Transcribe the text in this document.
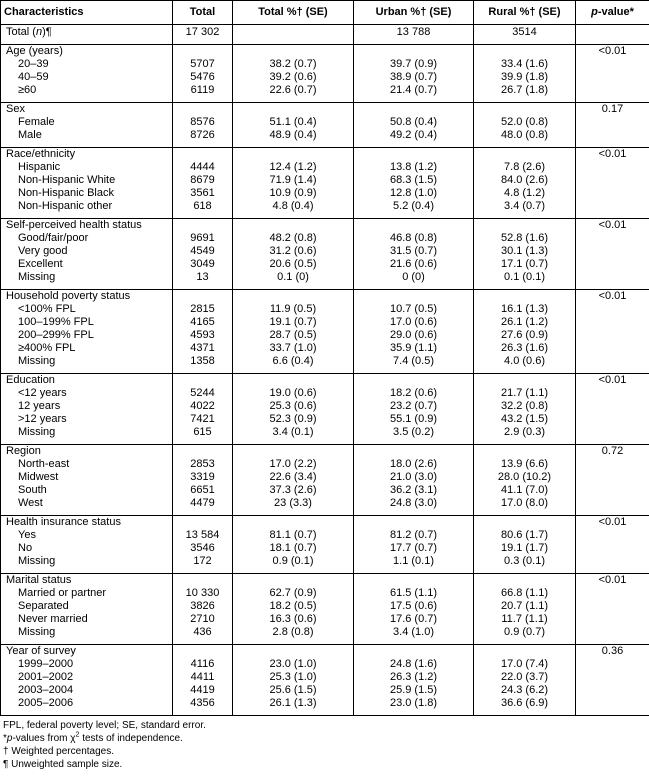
Characteristics	Total	Total %† (SE)	Urban %† (SE)	Rural %† (SE)	p-value*
Total (n)¶	17 302		13 788	3514	
Age (years)					<0.01
20–39	5707	38.2 (0.7)	39.7 (0.9)	33.4 (1.6)	
40–59	5476	39.2 (0.6)	38.9 (0.7)	39.9 (1.8)	
≥60	6119	22.6 (0.7)	21.4 (0.7)	26.7 (1.8)	
Sex					0.17
Female	8576	51.1 (0.4)	50.8 (0.4)	52.0 (0.8)	
Male	8726	48.9 (0.4)	49.2 (0.4)	48.0 (0.8)	
Race/ethnicity					<0.01
Hispanic	4444	12.4 (1.2)	13.8 (1.2)	7.8 (2.6)	
Non-Hispanic White	8679	71.9 (1.4)	68.3 (1.5)	84.0 (2.6)	
Non-Hispanic Black	3561	10.9 (0.9)	12.8 (1.0)	4.8 (1.2)	
Non-Hispanic other	618	4.8 (0.4)	5.2 (0.4)	3.4 (0.7)	
Self-perceived health status					<0.01
Good/fair/poor	9691	48.2 (0.8)	46.8 (0.8)	52.8 (1.6)	
Very good	4549	31.2 (0.6)	31.5 (0.7)	30.1 (1.3)	
Excellent	3049	20.6 (0.5)	21.6 (0.6)	17.1 (0.7)	
Missing	13	0.1 (0)	0 (0)	0.1 (0.1)	
Household poverty status					<0.01
<100% FPL	2815	11.9 (0.5)	10.7 (0.5)	16.1 (1.3)	
100–199% FPL	4165	19.1 (0.7)	17.0 (0.6)	26.1 (1.2)	
200–299% FPL	4593	28.7 (0.5)	29.0 (0.6)	27.6 (0.9)	
≥400% FPL	4371	33.7 (1.0)	35.9 (1.1)	26.3 (1.6)	
Missing	1358	6.6 (0.4)	7.4 (0.5)	4.0 (0.6)	
Education					<0.01
<12 years	5244	19.0 (0.6)	18.2 (0.6)	21.7 (1.1)	
12 years	4022	25.3 (0.6)	23.2 (0.7)	32.2 (0.8)	
>12 years	7421	52.3 (0.9)	55.1 (0.9)	43.2 (1.5)	
Missing	615	3.4 (0.1)	3.5 (0.2)	2.9 (0.3)	
Region					0.72
North-east	2853	17.0 (2.2)	18.0 (2.6)	13.9 (6.6)	
Midwest	3319	22.6 (3.4)	21.0 (3.0)	28.0 (10.2)	
South	6651	37.3 (2.6)	36.2 (3.1)	41.1 (7.0)	
West	4479	23 (3.3)	24.8 (3.0)	17.0 (8.0)	
Health insurance status					<0.01
Yes	13 584	81.1 (0.7)	81.2 (0.7)	80.6 (1.7)	
No	3546	18.1 (0.7)	17.7 (0.7)	19.1 (1.7)	
Missing	172	0.9 (0.1)	1.1 (0.1)	0.3 (0.1)	
Marital status					<0.01
Married or partner	10 330	62.7 (0.9)	61.5 (1.1)	66.8 (1.1)	
Separated	3826	18.2 (0.5)	17.5 (0.6)	20.7 (1.1)	
Never married	2710	16.3 (0.6)	17.6 (0.7)	11.7 (1.1)	
Missing	436	2.8 (0.8)	3.4 (1.0)	0.9 (0.7)	
Year of survey					0.36
1999–2000	4116	23.0 (1.0)	24.8 (1.6)	17.0 (7.4)	
2001–2002	4411	25.3 (1.0)	26.3 (1.2)	22.0 (3.7)	
2003–2004	4419	25.6 (1.5)	25.9 (1.5)	24.3 (6.2)	
2005–2006	4356	26.1 (1.3)	23.0 (1.8)	36.6 (6.9)	
FPL, federal poverty level; SE, standard error.
*p-values from $\chi^2$ tests of independence.
† Weighted percentages.
¶ Unweighted sample size.
